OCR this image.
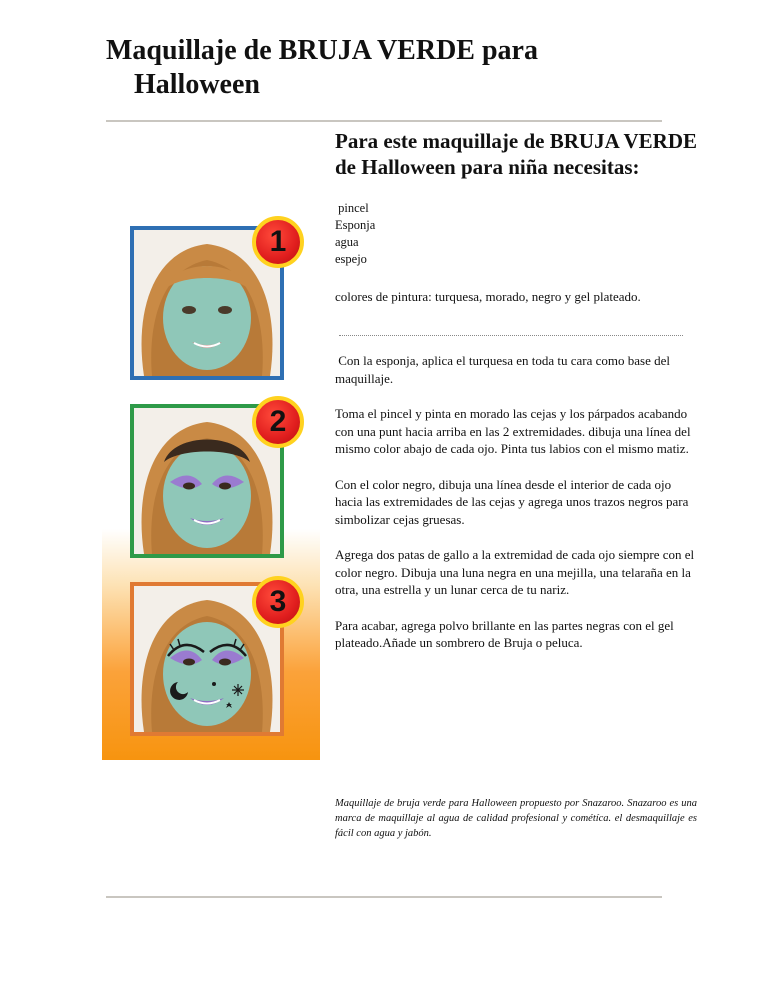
Maquillaje de BRUJA VERDE para
Halloween
1
2
3
Para este maquillaje de BRUJA VERDE de Halloween para niña necesitas:
pincel
Esponja
agua
espejo

colores de pintura: turquesa, morado, negro y gel plateado.

Con la esponja, aplica el turquesa en toda tu cara como base del maquillaje.

Toma el pincel y pinta en morado las cejas y los párpados acabando con una punt hacia arriba en las 2 extremidades. dibuja una línea del mismo color abajo de cada ojo. Pinta tus labios con el mismo matiz.

Con el color negro, dibuja una línea desde el interior de cada ojo hacia las extremidades de las cejas y agrega unos trazos negros para simbolizar cejas gruesas.

Agrega dos patas de gallo a la extremidad de cada ojo siempre con el color negro. Dibuja una luna negra en una mejilla, una telaraña en la otra, una estrella y un lunar cerca de tu nariz.

Para acabar, agrega polvo brillante en las partes negras con el gel plateado.Añade un sombrero de Bruja o peluca.

Maquillaje de bruja verde para Halloween propuesto por Snazaroo. Snazaroo es una marca de maquillaje al agua de calidad profesional y cométíca. el desmaquillaje es fácil con agua y jabón.
